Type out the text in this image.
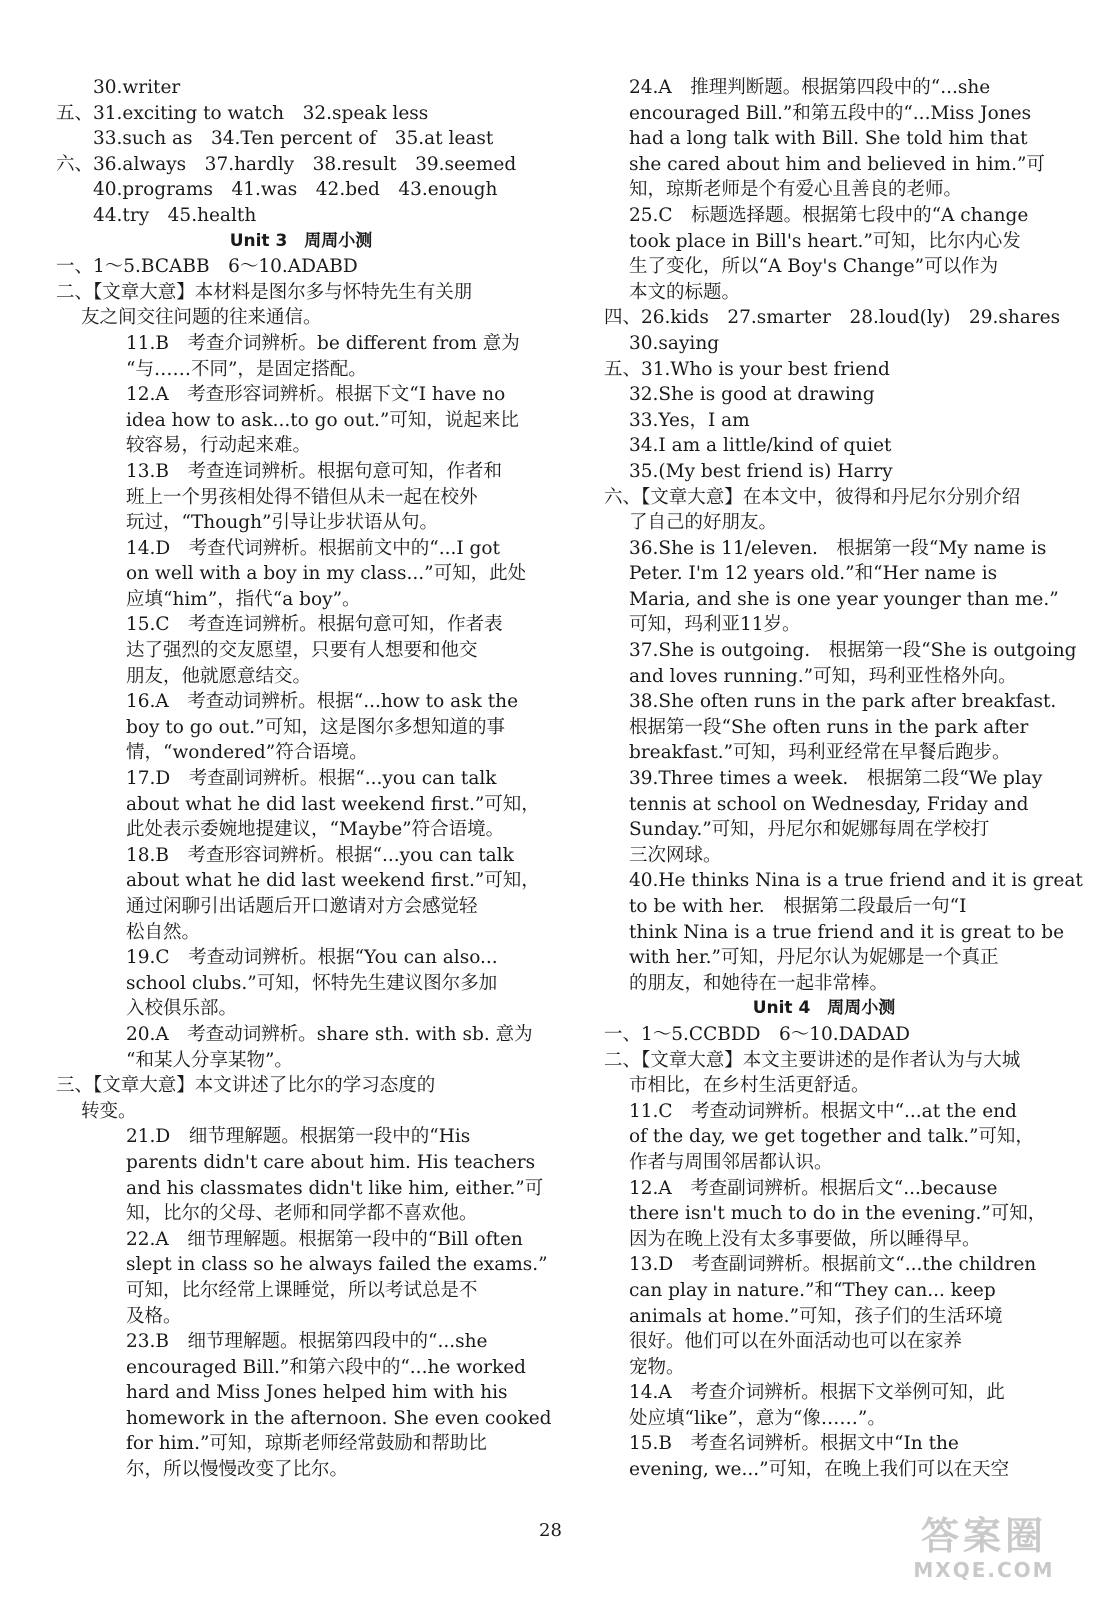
30.writer
五、31.exciting to watch　32.speak less
33.such as　34.Ten percent of　35.at least
六、36.always　37.hardly　38.result　39.seemed
40.programs　41.was　42.bed　43.enough
44.try　45.health
Unit 3　周周小测
一、1～5.BCABB　6～10.ADABD
二、【文章大意】本材料是图尔多与怀特先生有关朋
友之间交往问题的往来通信。
11.B　考查介词辨析。be different from 意为
“与……不同”，是固定搭配。
12.A　考查形容词辨析。根据下文“I have no
idea how to ask...to go out.”可知，说起来比
较容易，行动起来难。
13.B　考查连词辨析。根据句意可知，作者和
班上一个男孩相处得不错但从未一起在校外
玩过，“Though”引导让步状语从句。
14.D　考查代词辨析。根据前文中的“...I got
on well with a boy in my class...”可知，此处
应填“him”，指代“a boy”。
15.C　考查连词辨析。根据句意可知，作者表
达了强烈的交友愿望，只要有人想要和他交
朋友，他就愿意结交。
16.A　考查动词辨析。根据“...how to ask the
boy to go out.”可知，这是图尔多想知道的事
情，“wondered”符合语境。
17.D　考查副词辨析。根据“...you can talk
about what he did last weekend first.”可知，
此处表示委婉地提建议，“Maybe”符合语境。
18.B　考查形容词辨析。根据“...you can talk
about what he did last weekend first.”可知，
通过闲聊引出话题后开口邀请对方会感觉轻
松自然。
19.C　考查动词辨析。根据“You can also...
school clubs.”可知，怀特先生建议图尔多加
入校俱乐部。
20.A　考查动词辨析。share sth. with sb. 意为
“和某人分享某物”。
三、【文章大意】本文讲述了比尔的学习态度的
转变。
21.D　细节理解题。根据第一段中的“His
parents didn't care about him. His teachers
and his classmates didn't like him, either.”可
知，比尔的父母、老师和同学都不喜欢他。
22.A　细节理解题。根据第一段中的“Bill often
slept in class so he always failed the exams.”
可知，比尔经常上课睡觉，所以考试总是不
及格。
23.B　细节理解题。根据第四段中的“...she
encouraged Bill.”和第六段中的“...he worked
hard and Miss Jones helped him with his
homework in the afternoon. She even cooked
for him.”可知，琼斯老师经常鼓励和帮助比
尔，所以慢慢改变了比尔。
24.A　推理判断题。根据第四段中的“...she
encouraged Bill.”和第五段中的“...Miss Jones
had a long talk with Bill. She told him that
she cared about him and believed in him.”可
知，琼斯老师是个有爱心且善良的老师。
25.C　标题选择题。根据第七段中的“A change
took place in Bill's heart.”可知，比尔内心发
生了变化，所以“A Boy's Change”可以作为
本文的标题。
四、26.kids　27.smarter　28.loud(ly)　29.shares
30.saying
五、31.Who is your best friend
32.She is good at drawing
33.Yes，I am
34.I am a little/kind of quiet
35.(My best friend is) Harry
六、【文章大意】在本文中，彼得和丹尼尔分别介绍
了自己的好朋友。
36.She is 11/eleven.　根据第一段“My name is
Peter. I'm 12 years old.”和“Her name is
Maria, and she is one year younger than me.”
可知，玛利亚11岁。
37.She is outgoing.　根据第一段“She is outgoing
and loves running.”可知，玛利亚性格外向。
38.She often runs in the park after breakfast.
根据第一段“She often runs in the park after
breakfast.”可知，玛利亚经常在早餐后跑步。
39.Three times a week.　根据第二段“We play
tennis at school on Wednesday, Friday and
Sunday.”可知，丹尼尔和妮娜每周在学校打
三次网球。
40.He thinks Nina is a true friend and it is great
to be with her.　根据第二段最后一句“I
think Nina is a true friend and it is great to be
with her.”可知，丹尼尔认为妮娜是一个真正
的朋友，和她待在一起非常棒。
Unit 4　周周小测
一、1～5.CCBDD　6～10.DADAD
二、【文章大意】本文主要讲述的是作者认为与大城
市相比，在乡村生活更舒适。
11.C　考查动词辨析。根据文中“...at the end
of the day, we get together and talk.”可知，
作者与周围邻居都认识。
12.A　考查副词辨析。根据后文“...because
there isn't much to do in the evening.”可知，
因为在晚上没有太多事要做，所以睡得早。
13.D　考查副词辨析。根据前文“...the children
can play in nature.”和“They can... keep
animals at home.”可知，孩子们的生活环境
很好。他们可以在外面活动也可以在家养
宠物。
14.A　考查介词辨析。根据下文举例可知，此
处应填“like”，意为“像……”。
15.B　考查名词辨析。根据文中“In the
evening, we...”可知，在晚上我们可以在天空
28	答案圈
MXQE.COM
